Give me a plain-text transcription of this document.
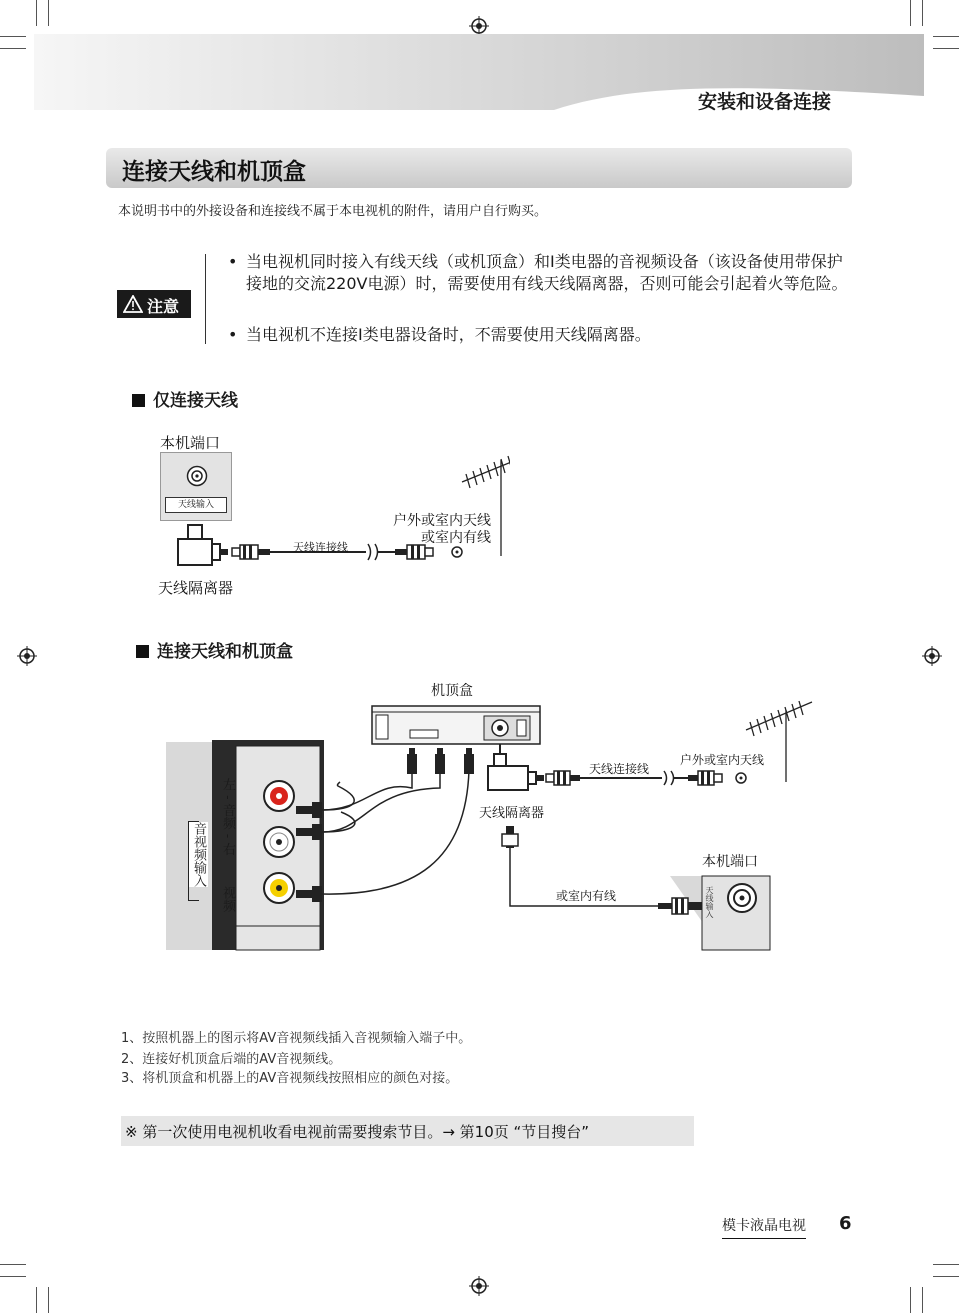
安装和设备连接
连接天线和机顶盒
本说明书中的外接设备和连接线不属于本电视机的附件，请用户自行购买。
注意
• 当电视机同时接入有线天线（或机顶盒）和I类电器的音视频设备（该设备使用带保护接地的交流220V电源）时，需要使用有线天线隔离器，否则可能会引起着火等危险。
• 当电视机不连接I类电器设备时，不需要使用天线隔离器。
仅连接天线
本机端口
天线输入
天线连接线
户外或室内天线
或室内有线
天线隔离器
连接天线和机顶盒
机顶盒
天线连接线
户外或室内天线
天线隔离器
本机端口
或室内有线
音视频输入 左 - 音频 - 右
视频	天线输入
1、按照机器上的图示将AV音视频线插入音视频输入端子中。
2、连接好机顶盒后端的AV音视频线。
3、将机顶盒和机器上的AV音视频线按照相应的颜色对接。
※ 第一次使用电视机收看电视前需要搜索节目。→ 第10页 “节目搜台”
模卡液晶电视 6
